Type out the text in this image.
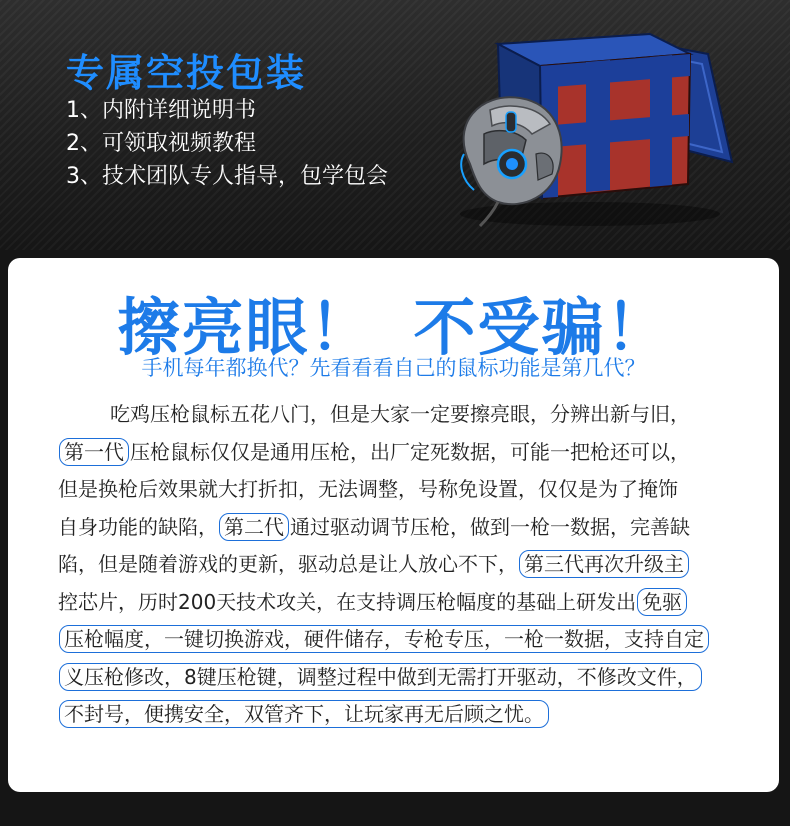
专属空投包装
1、内附详细说明书
2、可领取视频教程
3、技术团队专人指导，包学包会
擦亮眼！ 不受骗！
手机每年都换代？先看看看自己的鼠标功能是第几代？
吃鸡压枪鼠标五花八门，但是大家一定要擦亮眼，分辨出新与旧，
第一代 压枪鼠标仅仅是通用压枪，出厂定死数据，可能一把枪还可以，
但是换枪后效果就大打折扣，无法调整，号称免设置，仅仅是为了掩饰
自身功能的缺陷， 第二代 通过驱动调节压枪，做到一枪一数据，完善缺
陷，但是随着游戏的更新，驱动总是让人放心不下， 第三代再次升级主
控芯片，历时200天技术攻关，在支持调压枪幅度的基础上研发出 免驱
压枪幅度，一键切换游戏，硬件储存，专枪专压，一枪一数据，支持自定
义压枪修改，8键压枪键，调整过程中做到无需打开驱动，不修改文件，
不封号，便携安全，双管齐下，让玩家再无后顾之忧。
